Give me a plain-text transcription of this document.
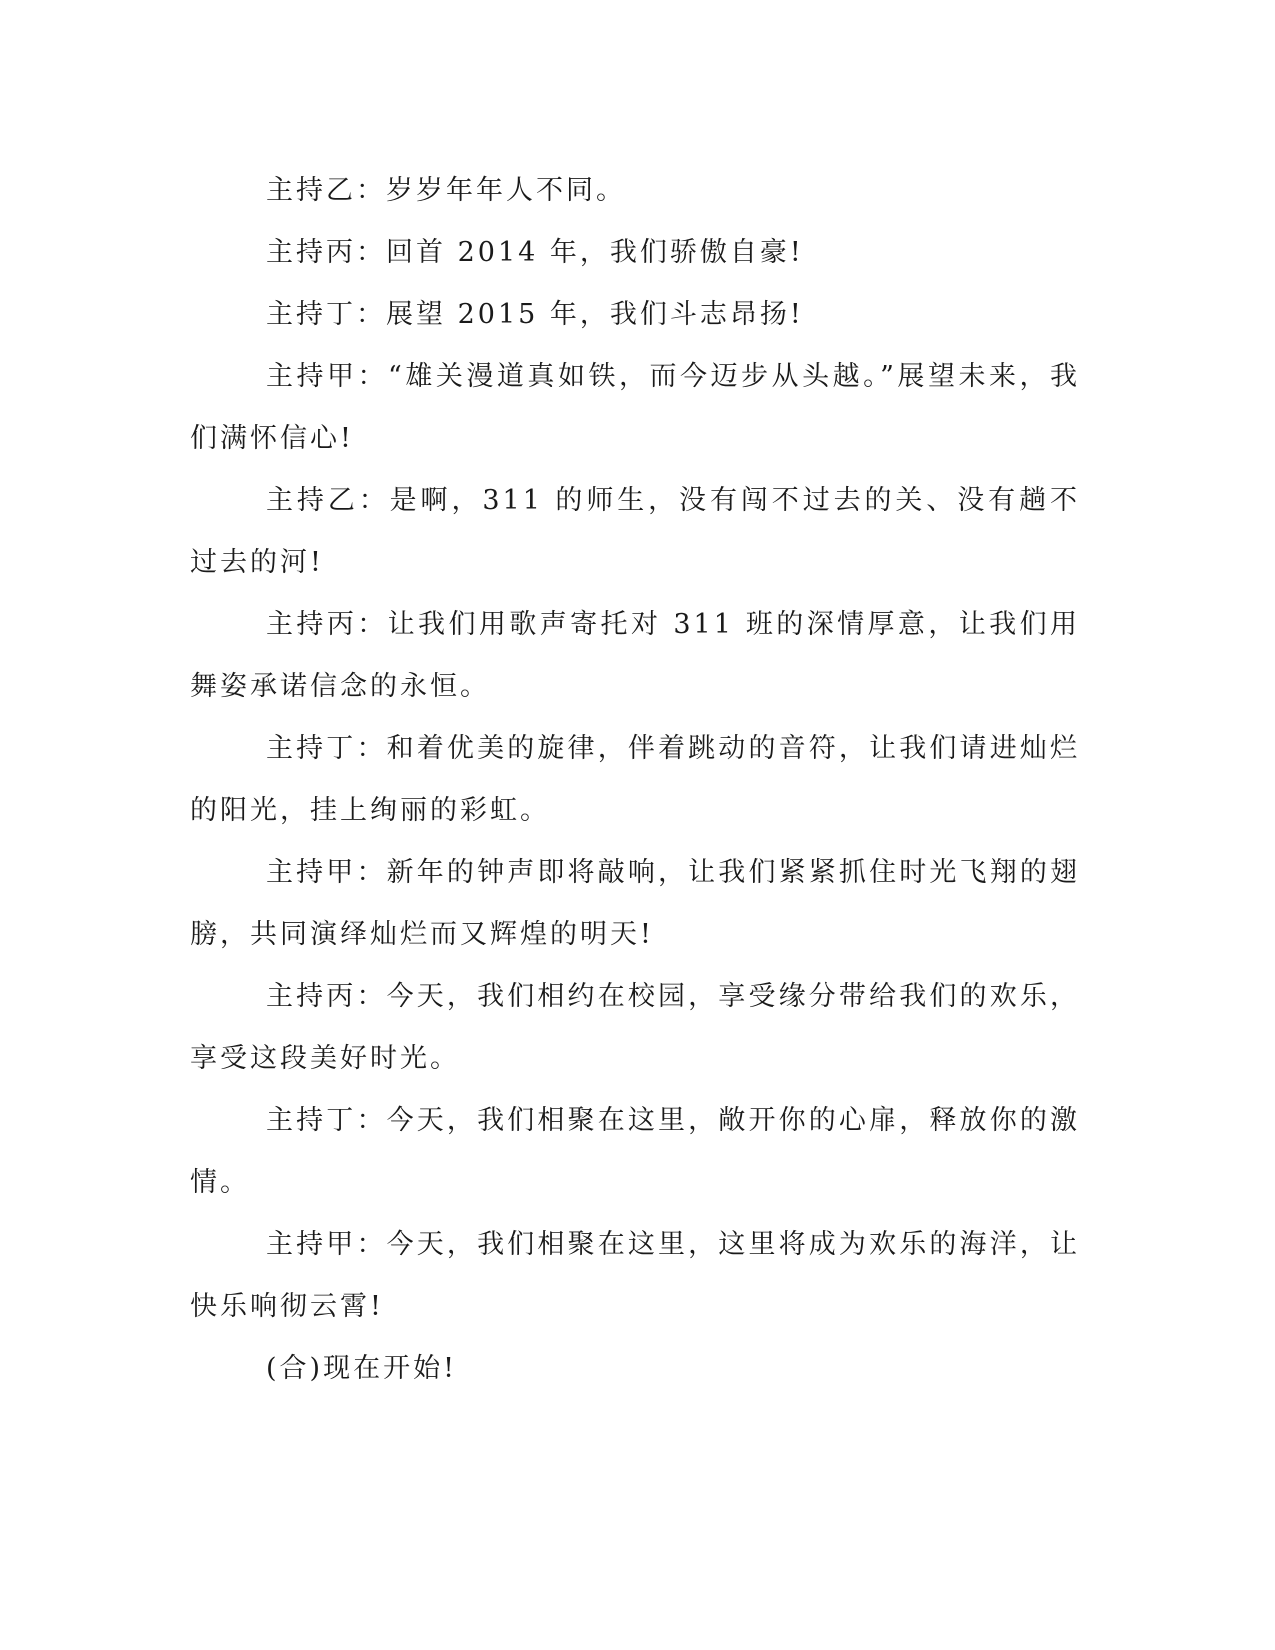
主持乙：岁岁年年人不同。

主持丙：回首 2014 年，我们骄傲自豪!

主持丁：展望 2015 年，我们斗志昂扬!

主持甲：“雄关漫道真如铁，而今迈步从头越。”展望未来，我们满怀信心!

主持乙：是啊，311 的师生，没有闯不过去的关、没有趟不过去的河!

主持丙：让我们用歌声寄托对 311 班的深情厚意，让我们用舞姿承诺信念的永恒。

主持丁：和着优美的旋律，伴着跳动的音符，让我们请进灿烂的阳光，挂上绚丽的彩虹。

主持甲：新年的钟声即将敲响，让我们紧紧抓住时光飞翔的翅膀，共同演绎灿烂而又辉煌的明天!

主持丙：今天，我们相约在校园，享受缘分带给我们的欢乐，享受这段美好时光。

主持丁：今天，我们相聚在这里，敞开你的心扉，释放你的激情。

主持甲：今天，我们相聚在这里，这里将成为欢乐的海洋，让快乐响彻云霄!

(合)现在开始!
